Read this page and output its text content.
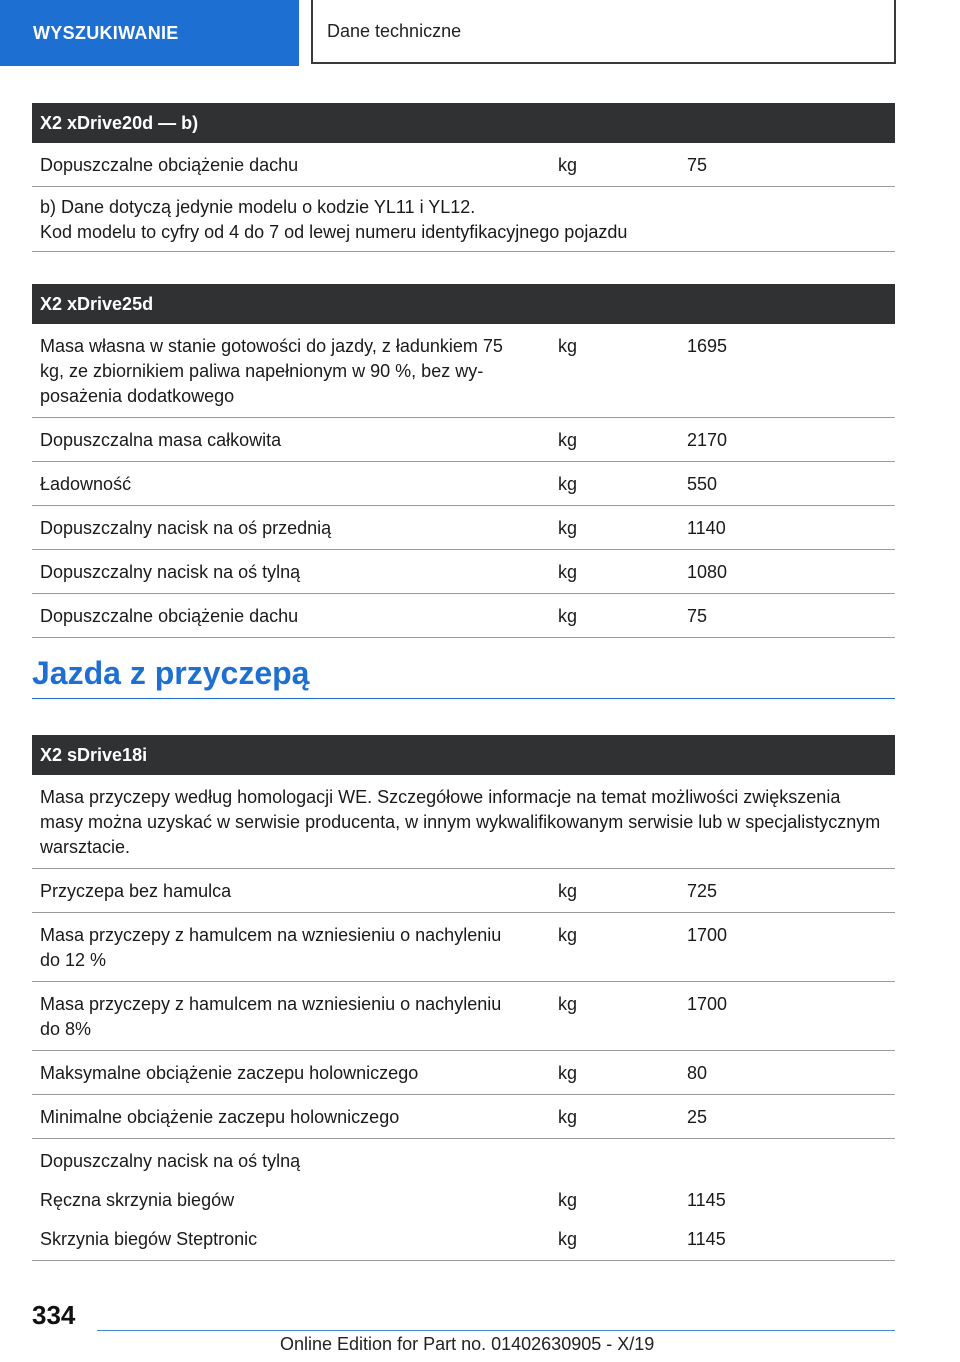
WYSZUKIWANIE	Dane techniczne
X2 xDrive20d — b)
Dopuszczalne obciążenie dachu	kg	75

b) Dane dotyczą jedynie modelu o kodzie YL11 i YL12.
Kod modelu to cyfry od 4 do 7 od lewej numeru identyfikacyjnego pojazdu
X2 xDrive25d		
Masa własna w stanie gotowości do jazdy, z ładunkiem 75 kg, ze zbiornikiem paliwa napełnionym w 90 %, bez wyposażenia dodatkowego	kg	1695
Dopuszczalna masa całkowita	kg	2170
Ładowność	kg	550
Dopuszczalny nacisk na oś przednią	kg	1140
Dopuszczalny nacisk na oś tylną	kg	1080
Dopuszczalne obciążenie dachu	kg	75
Jazda z przyczepą
X2 sDrive18i		
Masa przyczepy według homologacji WE. Szczegółowe informacje na temat możliwości zwiększenia masy można uzyskać w serwisie producenta, w innym wykwalifikowanym serwisie lub w specjalistycznym warsztacie.		
Przyczepa bez hamulca	kg	725
Masa przyczepy z hamulcem na wzniesieniu o nachyleniu do 12 %	kg	1700
Masa przyczepy z hamulcem na wzniesieniu o nachyleniu do 8%	kg	1700
Maksymalne obciążenie zaczepu holowniczego	kg	80
Minimalne obciążenie zaczepu holowniczego	kg	25
Dopuszczalny nacisk na oś tylną		
Ręczna skrzynia biegów	kg	1145
Skrzynia biegów Steptronic	kg	1145
334
Online Edition for Part no. 01402630905 - X/19
